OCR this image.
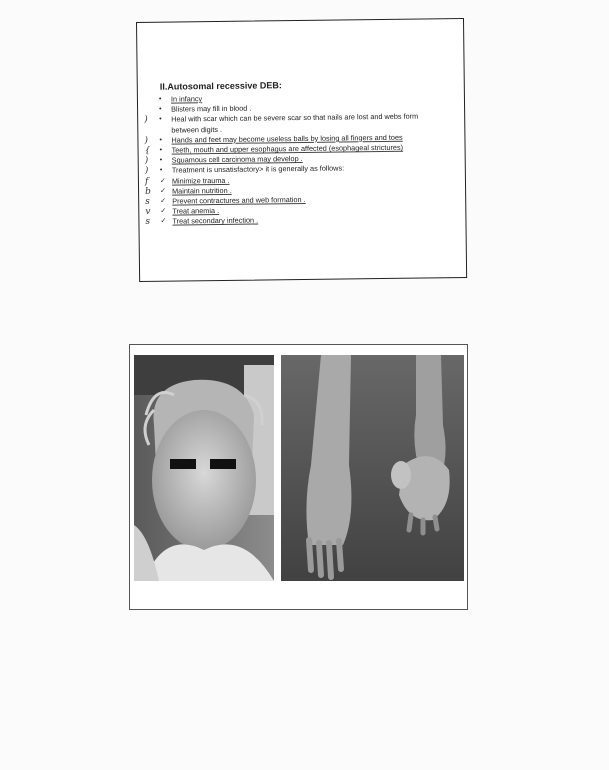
II.Autosomal recessive DEB:
• In infancy
• Blisters may fill in blood .
) • Heal with scar which can be severe scar so that nails are lost and webs form
between digits .
) • Hands and feet may become useless balls by losing all fingers and toes
{ • Teeth, mouth and upper esophagus are affected (esophageal strictures)
) • Squamous cell carcinoma may develop .
) • Treatment is unsatisfactory> it is generally as follows:
f ✓ Minimize trauma .
b ✓ Maintain nutrition .
s ✓ Prevent contractures and web formation .
v ✓ Treat anemia .
s ✓ Treat secondary infection .
